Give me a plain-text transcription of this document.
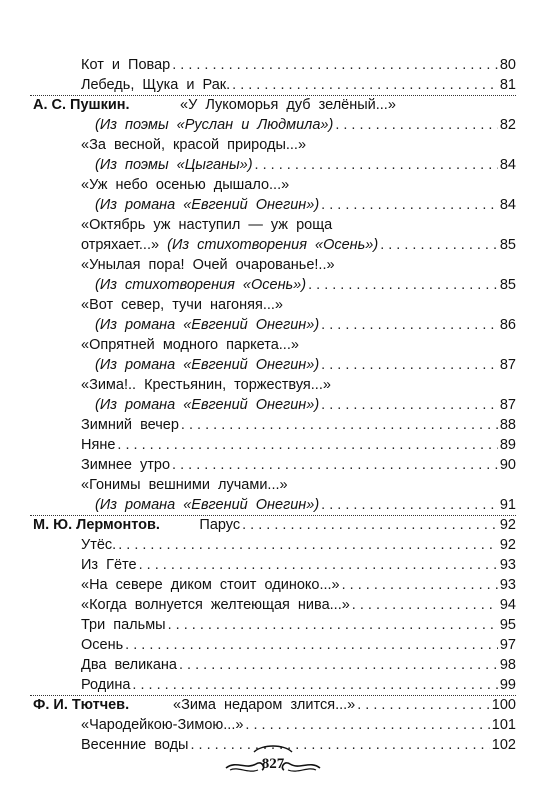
Кот  и  Повар . . .	80
Лебедь,  Щука  и  Рак. . . .	81
А. С. Пушкин.	«У  Лукоморья  дуб  зелёный...»
(Из  поэмы  «Руслан  и  Людмила») . . .	82
«За  весной,  красой  природы...»
(Из  поэмы  «Цыганы») . . .	84
«Уж  небо  осенью  дышало...»
(Из  романа  «Евгений  Онегин») . . .	84
«Октябрь  уж  наступил  —  уж  роща
отряхает...» (Из  стихотворения  «Осень») . . .	85
«Унылая  пора!  Очей  очарованье!..»
(Из  стихотворения  «Осень») . . .	85
«Вот  север,  тучи  нагоняя...»
(Из  романа  «Евгений  Онегин») . . .	86
«Опрятней  модного  паркета...»
(Из  романа  «Евгений  Онегин») . . .	87
«Зима!..  Крестьянин,  торжествуя...»
(Из  романа  «Евгений  Онегин») . . .	87
Зимний  вечер . . .	88
Няне . . .	89
Зимнее  утро . . .	90
«Гонимы  вешними  лучами...»
(Из  романа  «Евгений  Онегин») . . .	91
М. Ю. Лермонтов.	Парус . . .	92
Утёс. . . .	92
Из  Гёте . . .	93
«На  севере  диком  стоит  одиноко...» . . .	93
«Когда  волнуется  желтеющая  нива...» . . .	94
Три  пальмы . . .	95
Осень . . .	97
Два  великана . . .	98
Родина . . .	99
Ф. И. Тютчев.	«Зима  недаром  злится...» . . .	100
«Чародейкою-Зимою...» . . .	101
Весенние  воды . . .	102
827
